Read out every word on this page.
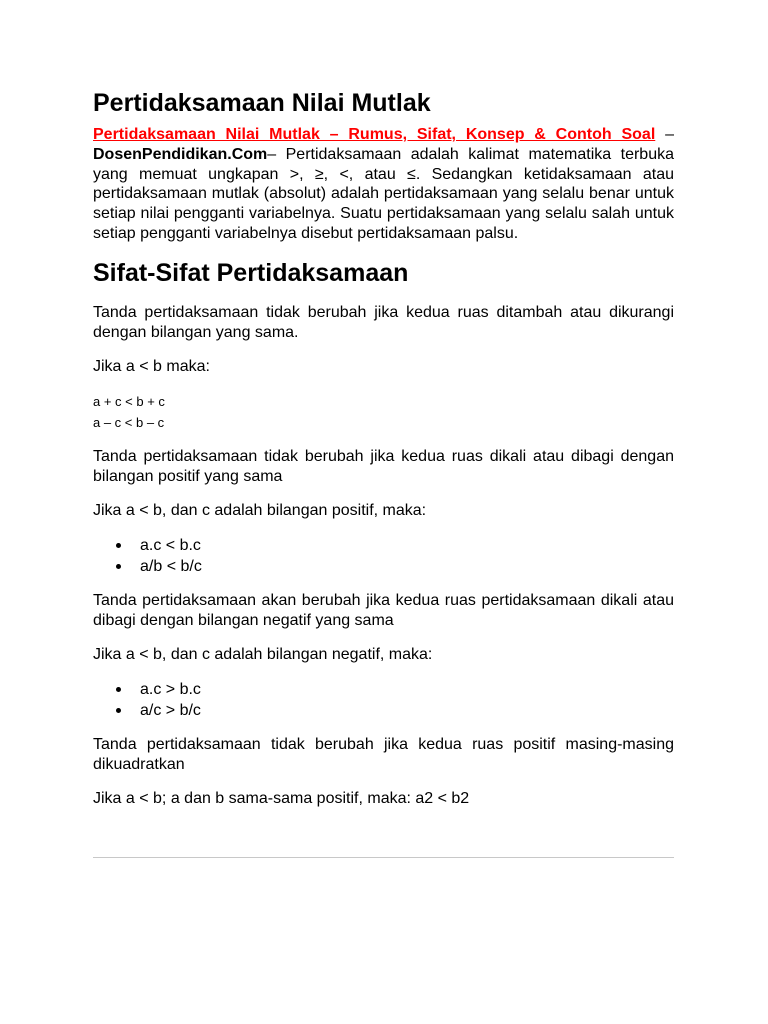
Pertidaksamaan Nilai Mutlak

Pertidaksamaan Nilai Mutlak – Rumus, Sifat, Konsep & Contoh Soal – DosenPendidikan.Com– Pertidaksamaan adalah kalimat matematika terbuka yang memuat ungkapan >, ≥, <, atau ≤. Sedangkan ketidaksamaan atau pertidaksamaan mutlak (absolut) adalah pertidaksamaan yang selalu benar untuk setiap nilai pengganti variabelnya. Suatu pertidaksamaan yang selalu salah untuk setiap pengganti variabelnya disebut pertidaksamaan palsu.

Sifat-Sifat Pertidaksamaan

Tanda pertidaksamaan tidak berubah jika kedua ruas ditambah atau dikurangi dengan bilangan yang sama.

Jika a < b maka:

a + c < b + c
a – c < b – c

Tanda pertidaksamaan tidak berubah jika kedua ruas dikali atau dibagi dengan bilangan positif yang sama

Jika a < b, dan c adalah bilangan positif, maka:

a.c < b.c
a/b < b/c

Tanda pertidaksamaan akan berubah jika kedua ruas pertidaksamaan dikali atau dibagi dengan bilangan negatif yang sama

Jika a < b, dan c adalah bilangan negatif, maka:

a.c > b.c
a/c > b/c

Tanda pertidaksamaan tidak berubah jika kedua ruas positif masing-masing dikuadratkan

Jika a < b; a dan b sama-sama positif, maka: a2 < b2
